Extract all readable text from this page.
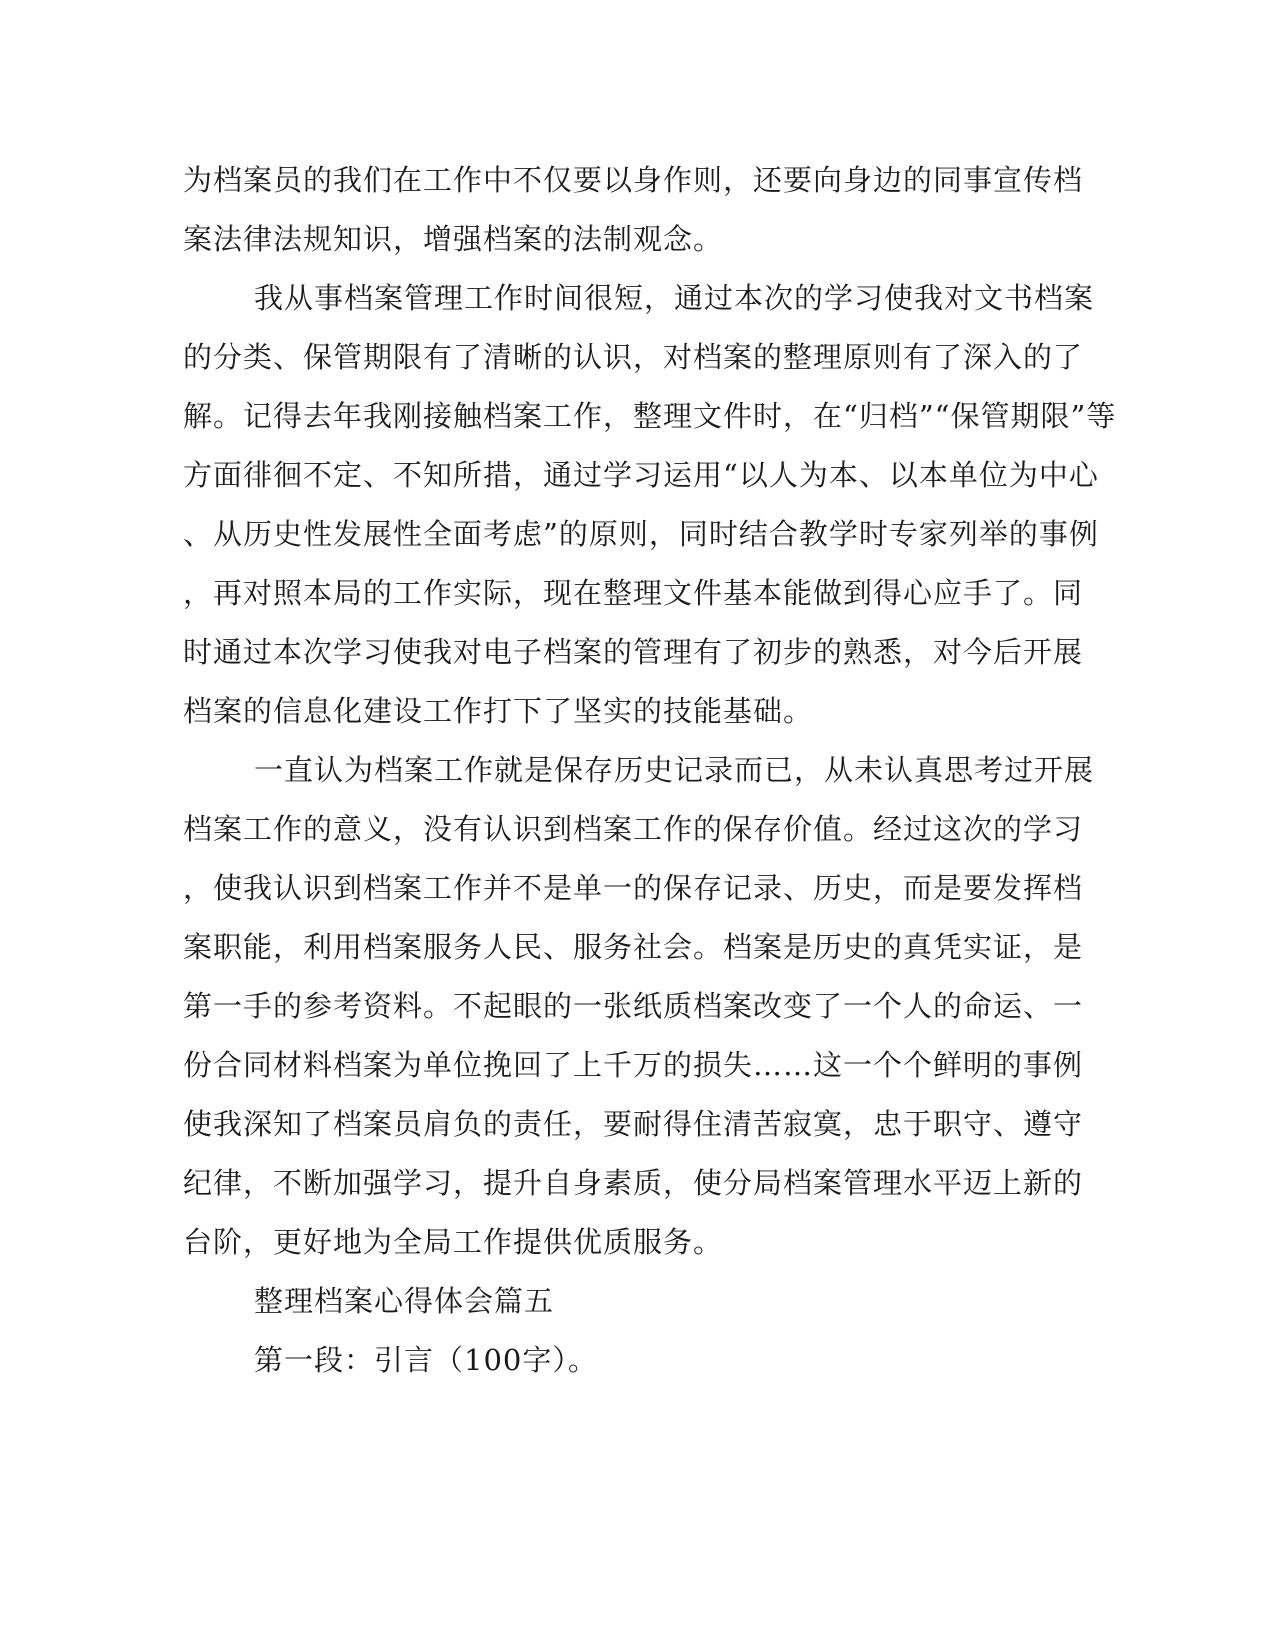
为档案员的我们在工作中不仅要以身作则，还要向身边的同事宣传档
案法律法规知识，增强档案的法制观念。
我从事档案管理工作时间很短，通过本次的学习使我对文书档案
的分类、保管期限有了清晰的认识，对档案的整理原则有了深入的了
解。记得去年我刚接触档案工作，整理文件时，在“归档”“保管期限”等
方面徘徊不定、不知所措，通过学习运用“以人为本、以本单位为中心
、从历史性发展性全面考虑”的原则，同时结合教学时专家列举的事例
，再对照本局的工作实际，现在整理文件基本能做到得心应手了。同
时通过本次学习使我对电子档案的管理有了初步的熟悉，对今后开展
档案的信息化建设工作打下了坚实的技能基础。
一直认为档案工作就是保存历史记录而已，从未认真思考过开展
档案工作的意义，没有认识到档案工作的保存价值。经过这次的学习
，使我认识到档案工作并不是单一的保存记录、历史，而是要发挥档
案职能，利用档案服务人民、服务社会。档案是历史的真凭实证，是
第一手的参考资料。不起眼的一张纸质档案改变了一个人的命运、一
份合同材料档案为单位挽回了上千万的损失……这一个个鲜明的事例
使我深知了档案员肩负的责任，要耐得住清苦寂寞，忠于职守、遵守
纪律，不断加强学习，提升自身素质，使分局档案管理水平迈上新的
台阶，更好地为全局工作提供优质服务。
整理档案心得体会篇五
第一段：引言（100字）。
